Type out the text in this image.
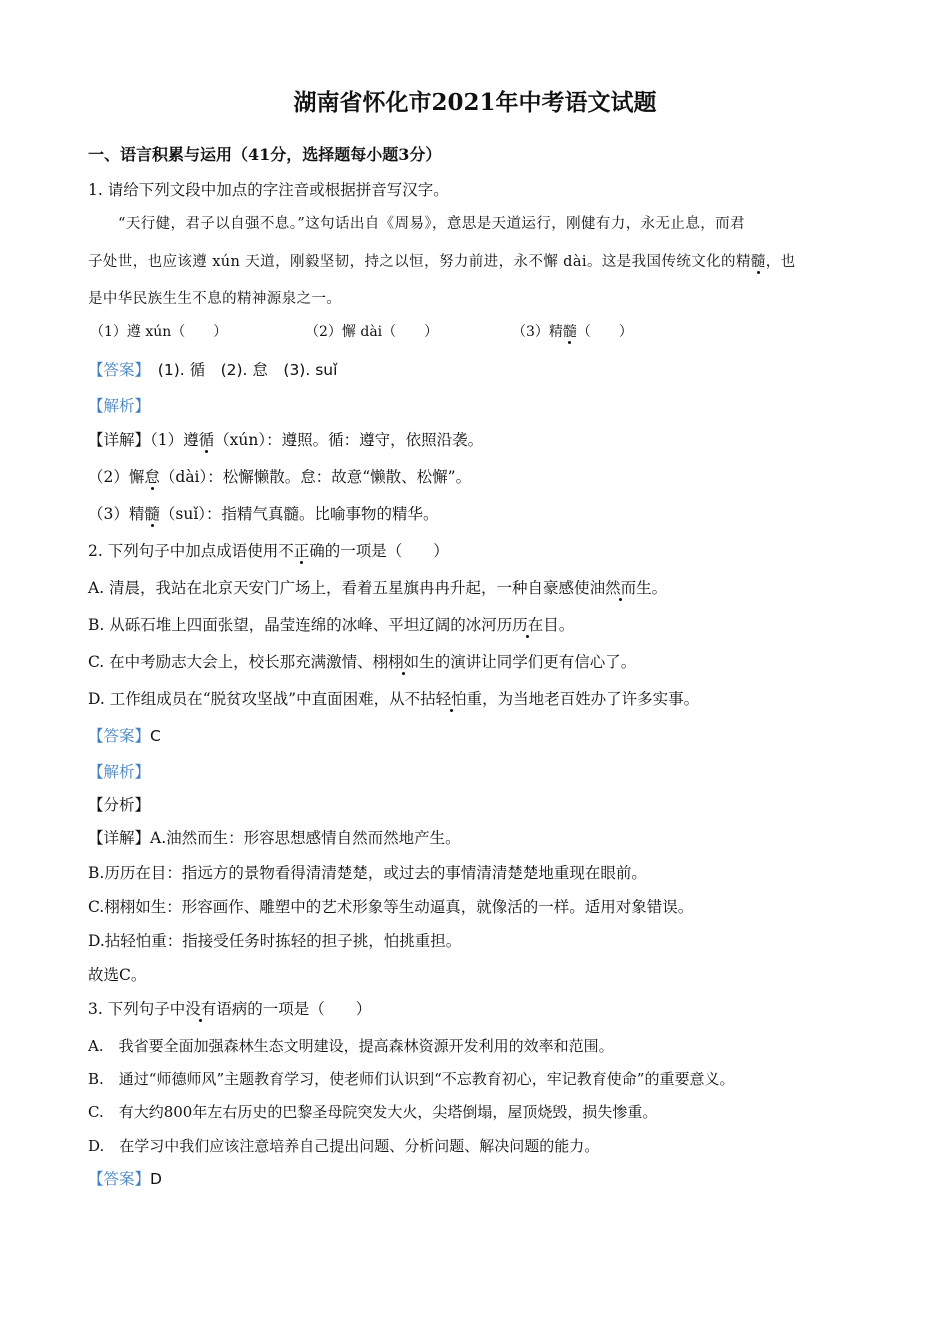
湖南省怀化市2021年中考语文试题
一、语言积累与运用（41分，选择题每小题3分）
1. 请给下列文段中加点的字注音或根据拼音写汉字。
“天行健，君子以自强不息。”这句话出自《周易》，意思是天道运行，刚健有力，永无止息，而君
子处世，也应该遵 xún 天道，刚毅坚韧，持之以恒，努力前进，永不懈 dài。这是我国传统文化的精髓，也
是中华民族生生不息的精神源泉之一。
（1）遵 xún（　　）	（2）懈 dài（　　）	（3）精髓（　　）
【答案】　 (1). 循　(2). 怠　(3). suǐ
【解析】
【详解】（1）遵循（xún）：遵照。循：遵守，依照沿袭。
（2）懈怠（dài）：松懈懒散。怠：故意“懒散、松懈”。
（3）精髓（suǐ）：指精气真髓。比喻事物的精华。
2. 下列句子中加点成语使用不正确的一项是（　　）
A. 清晨，我站在北京天安门广场上，看着五星旗冉冉升起，一种自豪感使油然而生。
B. 从砾石堆上四面张望，晶莹连绵的冰峰、平坦辽阔的冰河历历在目。
C. 在中考励志大会上，校长那充满激情、栩栩如生的演讲让同学们更有信心了。
D. 工作组成员在“脱贫攻坚战”中直面困难，从不拈轻怕重，为当地老百姓办了许多实事。
【答案】C
【解析】
【分析】
【详解】A.油然而生：形容思想感情自然而然地产生。
B.历历在目：指远方的景物看得清清楚楚，或过去的事情清清楚楚地重现在眼前。
C.栩栩如生：形容画作、雕塑中的艺术形象等生动逼真，就像活的一样。适用对象错误。
D.拈轻怕重：指接受任务时拣轻的担子挑，怕挑重担。
故选C。
3. 下列句子中没有语病的一项是（　　）
A.　我省要全面加强森林生态文明建设，提高森林资源开发利用的效率和范围。
B.　通过“师德师风”主题教育学习，使老师们认识到“不忘教育初心，牢记教育使命”的重要意义。
C.　有大约800年左右历史的巴黎圣母院突发大火，尖塔倒塌，屋顶烧毁，损失惨重。
D.　在学习中我们应该注意培养自己提出问题、分析问题、解决问题的能力。
【答案】D
